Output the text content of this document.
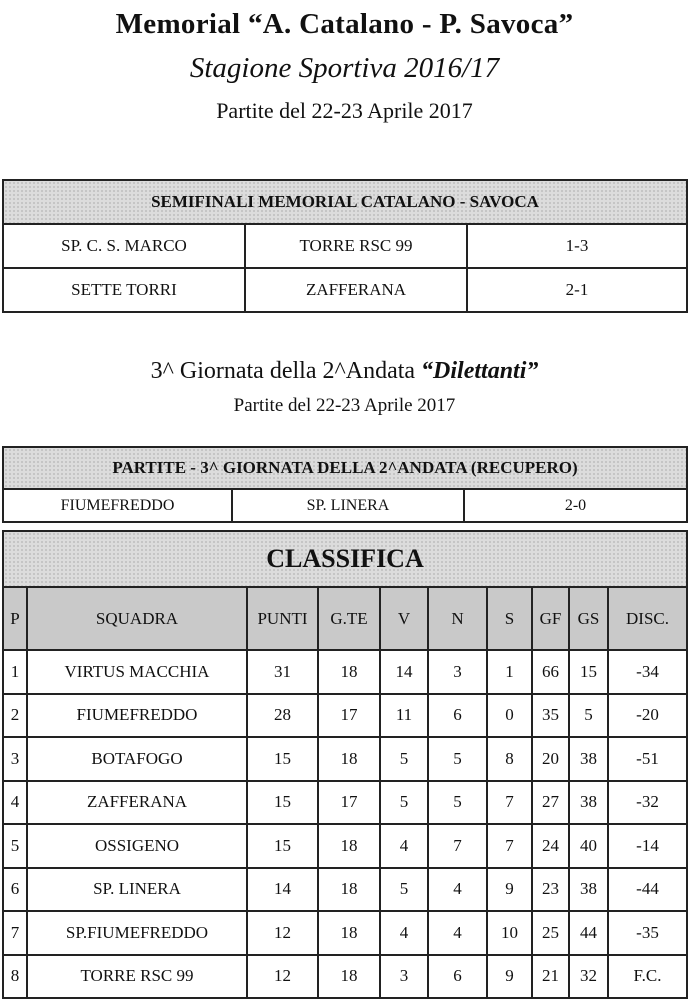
Memorial “A. Catalano - P. Savoca”
Stagione Sportiva 2016/17
Partite del 22-23 Aprile 2017
SEMIFINALI MEMORIAL CATALANO - SAVOCA		
SP. C. S. MARCO	TORRE RSC 99	1-3
SETTE TORRI	ZAFFERANA	2-1
3^ Giornata della 2^Andata “Dilettanti”
Partite del 22-23 Aprile 2017
PARTITE - 3^ GIORNATA DELLA 2^ANDATA (RECUPERO)
FIUMEFREDDO	SP. LINERA	2-0
CLASSIFICA									
P	SQUADRA	PUNTI	G.TE	V	N	S	GF	GS	DISC.
1	VIRTUS MACCHIA	31	18	14	3	1	66	15	-34
2	FIUMEFREDDO	28	17	11	6	0	35	5	-20
3	BOTAFOGO	15	18	5	5	8	20	38	-51
4	ZAFFERANA	15	17	5	5	7	27	38	-32
5	OSSIGENO	15	18	4	7	7	24	40	-14
6	SP. LINERA	14	18	5	4	9	23	38	-44
7	SP.FIUMEFREDDO	12	18	4	4	10	25	44	-35
8	TORRE RSC 99	12	18	3	6	9	21	32	F.C.
